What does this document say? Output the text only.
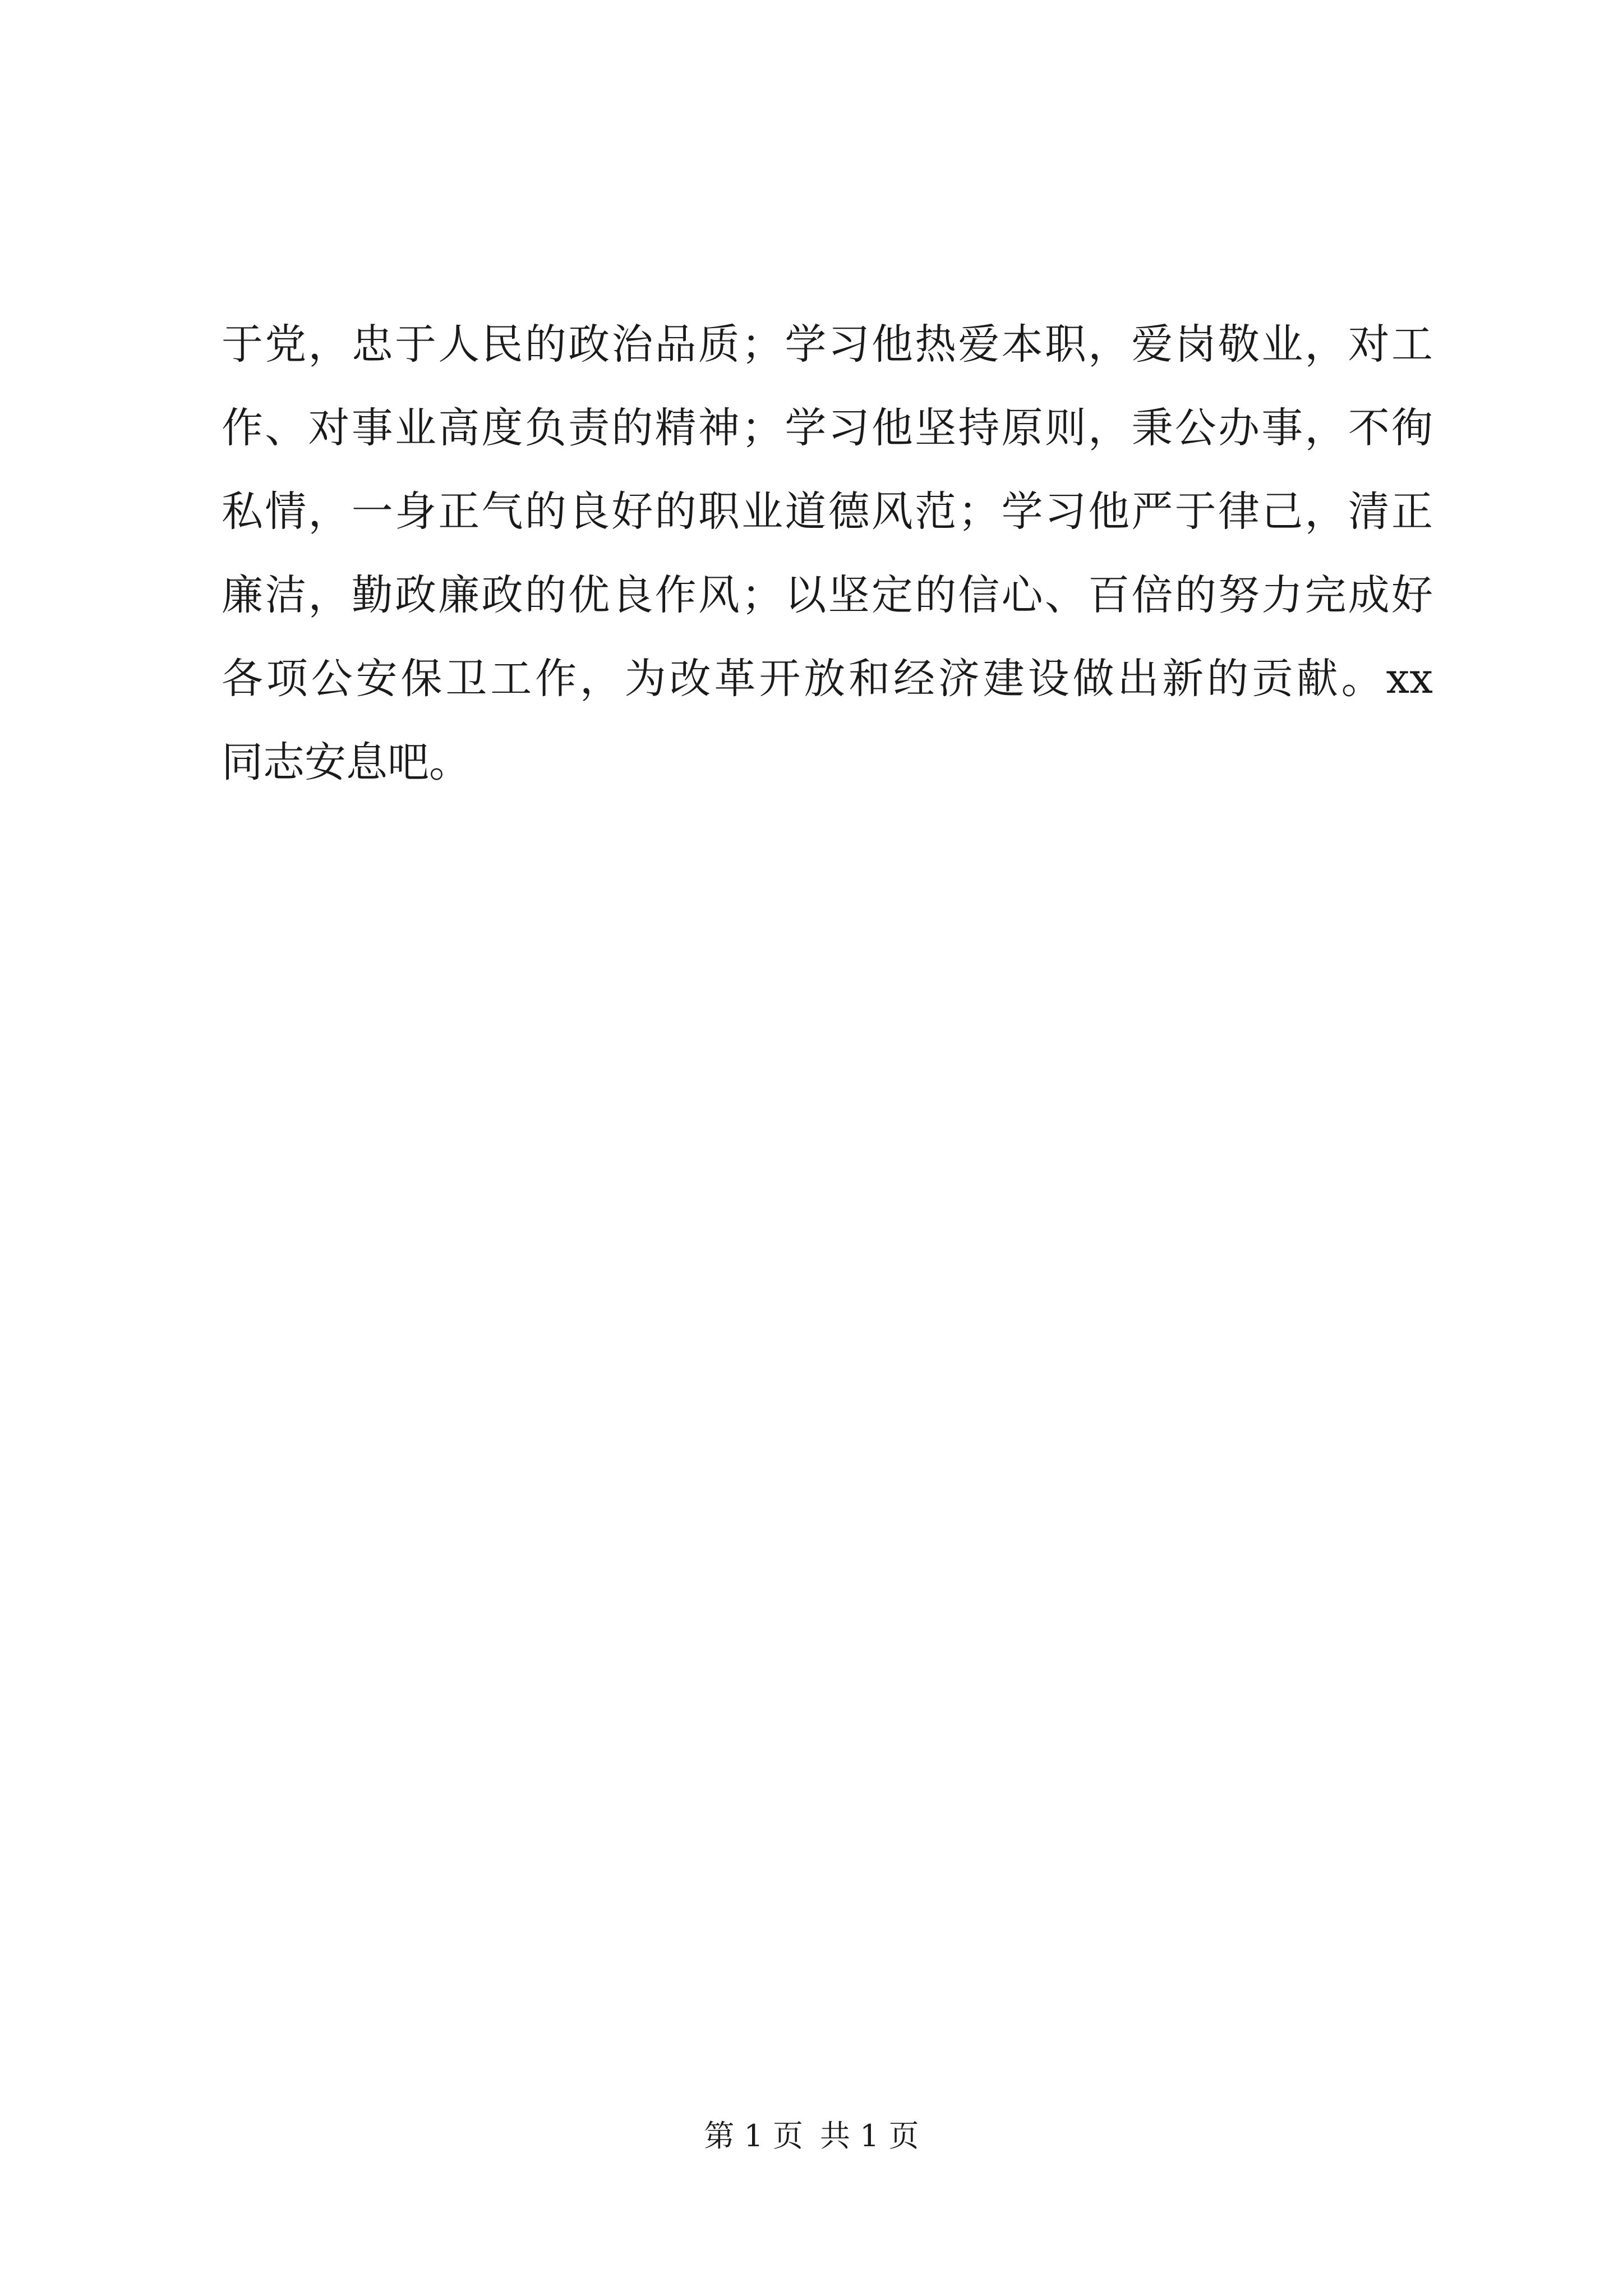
于党，忠于人民的政治品质；学习他热爱本职，爱岗敬业，对工
作、对事业高度负责的精神；学习他坚持原则，秉公办事，不徇
私情，一身正气的良好的职业道德风范；学习他严于律己，清正
廉洁，勤政廉政的优良作风；以坚定的信心、百倍的努力完成好
各项公安保卫工作，为改革开放和经济建设做出新的贡献。xx
同志安息吧。
第 1 页 共 1 页
